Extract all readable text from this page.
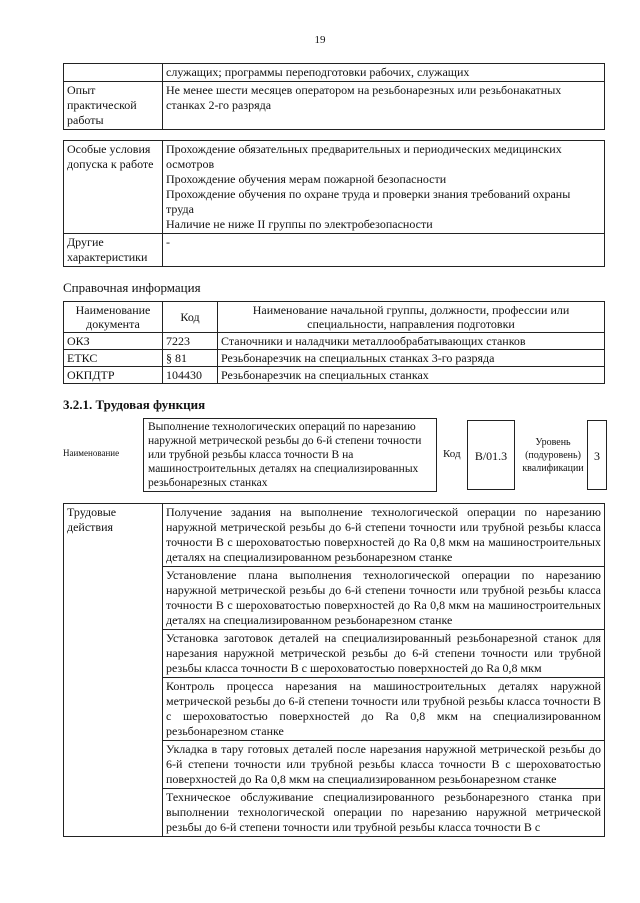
19
	служащих; программы переподготовки рабочих, служащих
Опыт практической работы	Не менее шести месяцев оператором на резьбонарезных или резьбонакатных станках 2-го разряда
Особые условия допуска к работе	Прохождение обязательных предварительных и периодических медицинских осмотров
Прохождение обучения мерам пожарной безопасности
Прохождение обучения по охране труда и проверки знания требований охраны труда
Наличие не ниже II группы по электробезопасности

Другие характеристики	-
Справочная информация
Наименование документа	Код	Наименование начальной группы, должности, профессии или специальности, направления подготовки
ОКЗ	7223	Станочники и наладчики металлообрабатывающих станков
ЕТКС	§ 81	Резьбонарезчик на специальных станках 3-го разряда
ОКПДТР	104430	Резьбонарезчик на специальных станках
3.2.1. Трудовая функция
Наименование
Выполнение технологических операций по нарезанию наружной метрической резьбы до 6-й степени точности или трубной резьбы класса точности В на машиностроительных деталях на специализированных резьбонарезных станках
Код	B/01.3
Уровень (подуровень) квалификации
3
Трудовые действия	Получение задания на выполнение технологической операции по нарезанию наружной метрической резьбы до 6-й степени точности или трубной резьбы класса точности В с шероховатостью поверхностей до Ra 0,8 мкм на машиностроительных деталях на специализированном резьбонарезном станке
Установление плана выполнения технологической операции по нарезанию наружной метрической резьбы до 6-й степени точности или трубной резьбы класса точности В с шероховатостью поверхностей до Ra 0,8 мкм на машиностроительных деталях на специализированном резьбонарезном станке
Установка заготовок деталей на специализированный резьбонарезной станок для нарезания наружной метрической резьбы до 6-й степени точности или трубной резьбы класса точности В с шероховатостью поверхностей до Ra 0,8 мкм
Контроль процесса нарезания на машиностроительных деталях наружной метрической резьбы до 6-й степени точности или трубной резьбы класса точности В с шероховатостью поверхностей до Ra 0,8 мкм на специализированном резьбонарезном станке
Укладка в тару готовых деталей после нарезания наружной метрической резьбы до 6-й степени точности или трубной резьбы класса точности В с шероховатостью поверхностей до Ra 0,8 мкм на специализированном резьбонарезном станке
Техническое обслуживание специализированного резьбонарезного станка при выполнении технологической операции по нарезанию наружной метрической резьбы до 6-й степени точности или трубной резьбы класса точности В с
